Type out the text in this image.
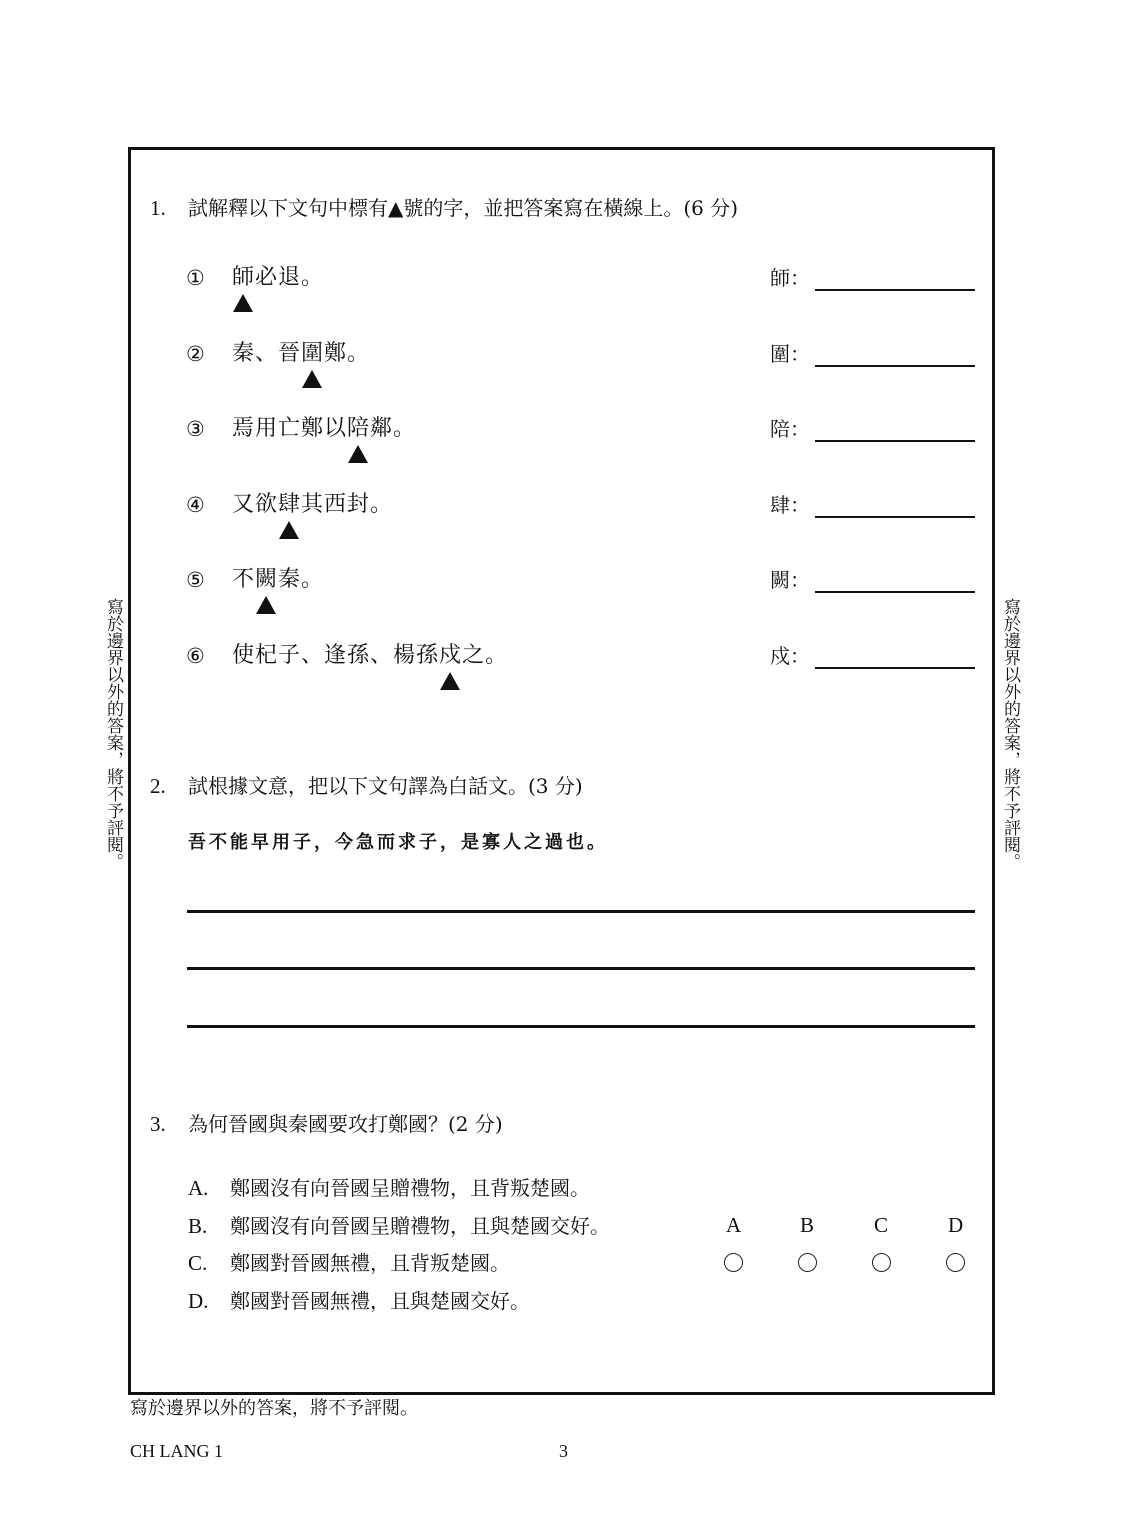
寫於邊界以外的答案，將不予評閱。	寫於邊界以外的答案，將不予評閱。
1. 試解釋以下文句中標有▲號的字，並把答案寫在橫線上。(6 分)
① 師必退。	師：
② 秦、晉圍鄭。	圍：
③ 焉用亡鄭以陪鄰。	陪：
④ 又欲肆其西封。	肆：
⑤ 不闕秦。	闕：
⑥ 使杞子、逢孫、楊孫戍之。	戍：
2. 試根據文意，把以下文句譯為白話文。(3 分)
吾不能早用子，今急而求子，是寡人之過也。
3. 為何晉國與秦國要攻打鄭國？(2 分)
A. 鄭國沒有向晉國呈贈禮物，且背叛楚國。
B. 鄭國沒有向晉國呈贈禮物，且與楚國交好。
C. 鄭國對晉國無禮，且背叛楚國。
D. 鄭國對晉國無禮，且與楚國交好。
A	B	C	D
寫於邊界以外的答案，將不予評閱。
CH LANG 1	3
